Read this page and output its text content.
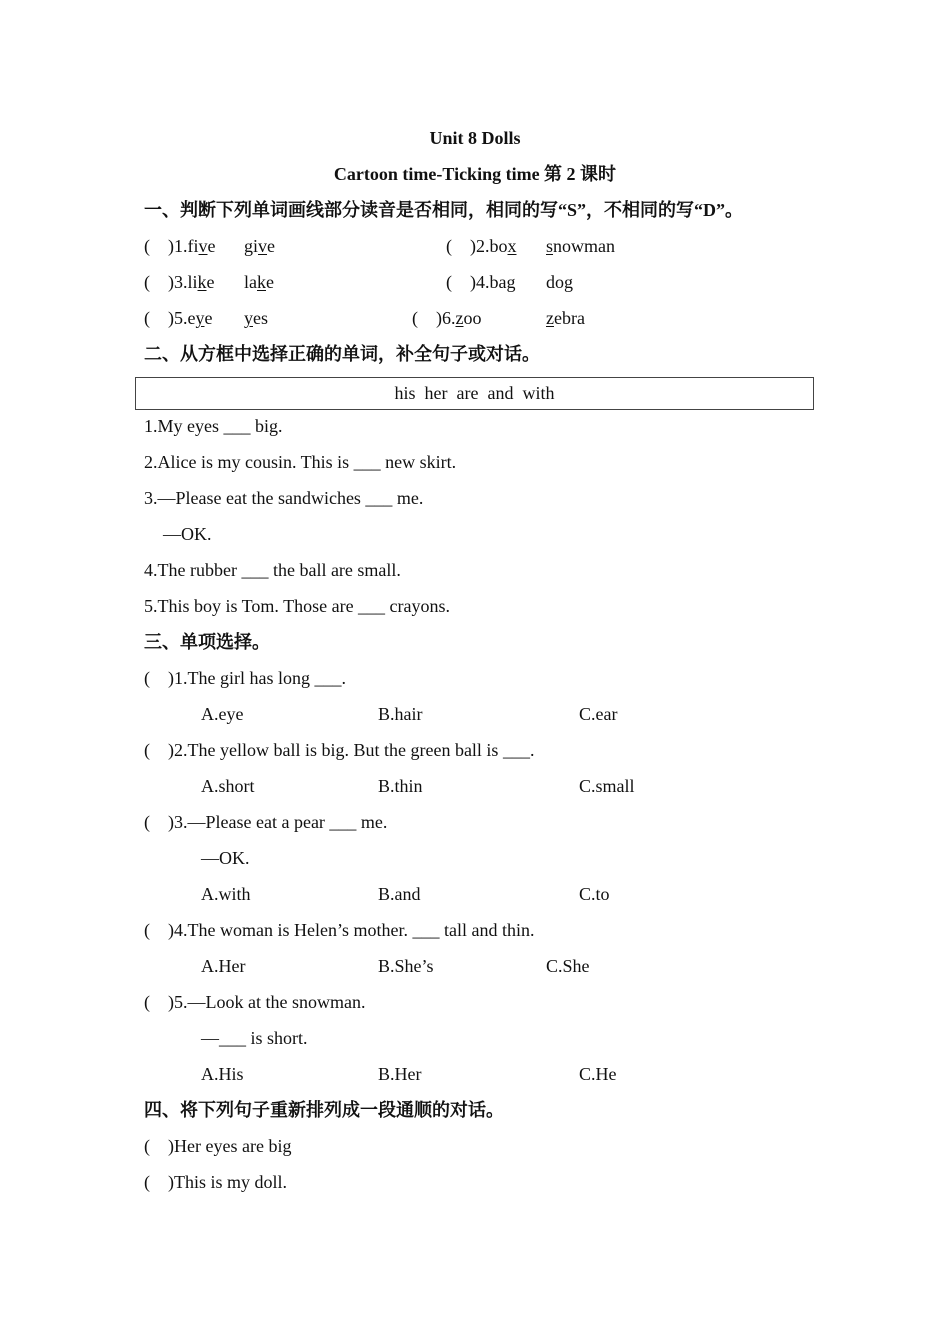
Unit 8 Dolls
Cartoon time-Ticking time 第 2 课时
一、判断下列单词画线部分读音是否相同，相同的写“S”，不相同的写“D”。
(    )1.five give	(    )2.box snowman
(    )3.like lake	(    )4.bag dog
(    )5.eye yes	(    )6.zoo	zebra
二、从方框中选择正确的单词，补全句子或对话。
his  her  are  and  with
1.My eyes ___ big.
2.Alice is my cousin. This is ___ new skirt.
3.—Please eat the sandwiches ___ me.
—OK.
4.The rubber ___ the ball are small.
5.This boy is Tom. Those are ___ crayons.
三、单项选择。
(    )1.The girl has long ___.
A.eye	B.hair	C.ear
(    )2.The yellow ball is big. But the green ball is ___.
A.short	B.thin	C.small
(    )3.—Please eat a pear ___ me.
—OK.
A.with	B.and	C.to
(    )4.The woman is Helen’s mother. ___ tall and thin.
A.Her	B.She’s	C.She
(    )5.—Look at the snowman.
—___ is short.
A.His	B.Her	C.He
四、将下列句子重新排列成一段通顺的对话。
(    )Her eyes are big
(    )This is my doll.
